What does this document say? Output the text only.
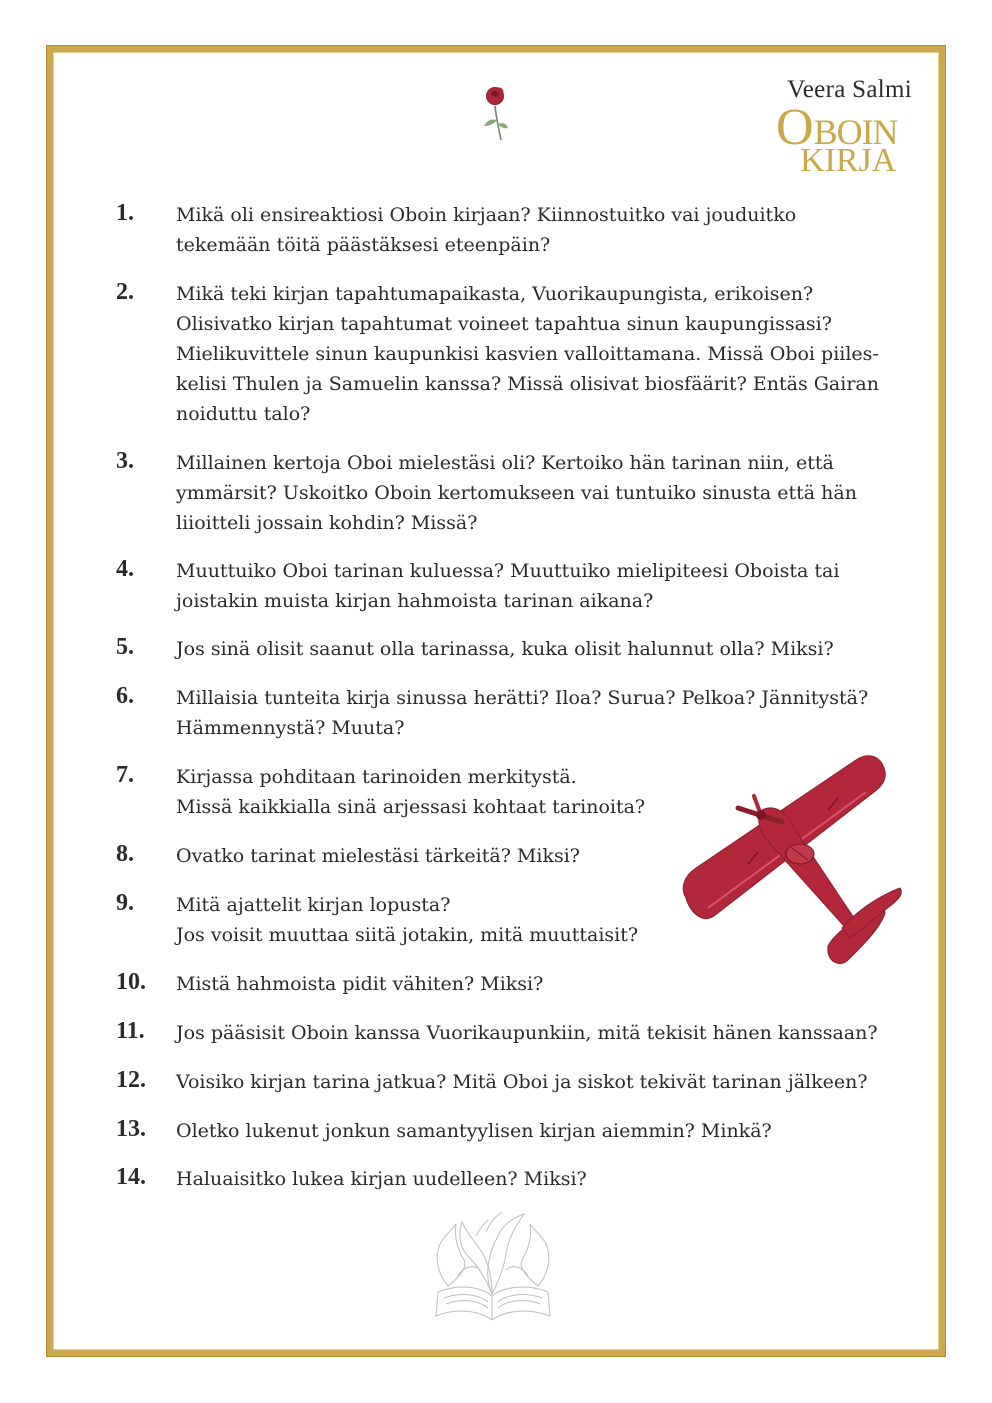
Veera Salmi
OBOIN
KIRJA
1. Mikä oli ensireaktiosi Oboin kirjaan? Kiinnostuitko vai jouduitko
tekemään töitä päästäksesi eteenpäin?
2. Mikä teki kirjan tapahtumapaikasta, Vuorikaupungista, erikoisen?
Olisivatko kirjan tapahtumat voineet tapahtua sinun kaupungissasi?
Mielikuvittele sinun kaupunkisi kasvien valloittamana. Missä Oboi piiles-
kelisi Thulen ja Samuelin kanssa? Missä olisivat biosfäärit? Entäs Gairan
noiduttu talo?
3. Millainen kertoja Oboi mielestäsi oli? Kertoiko hän tarinan niin, että
ymmärsit? Uskoitko Oboin kertomukseen vai tuntuiko sinusta että hän
liioitteli jossain kohdin? Missä?
4. Muuttuiko Oboi tarinan kuluessa? Muuttuiko mielipiteesi Oboista tai
joistakin muista kirjan hahmoista tarinan aikana?
5. Jos sinä olisit saanut olla tarinassa, kuka olisit halunnut olla? Miksi?
6. Millaisia tunteita kirja sinussa herätti? Iloa? Surua? Pelkoa? Jännitystä?
Hämmennystä? Muuta?
7. Kirjassa pohditaan tarinoiden merkitystä.
Missä kaikkialla sinä arjessasi kohtaat tarinoita?
8. Ovatko tarinat mielestäsi tärkeitä? Miksi?
9. Mitä ajattelit kirjan lopusta?
Jos voisit muuttaa siitä jotakin, mitä muuttaisit?
10. Mistä hahmoista pidit vähiten? Miksi?
11. Jos pääsisit Oboin kanssa Vuorikaupunkiin, mitä tekisit hänen kanssaan?
12. Voisiko kirjan tarina jatkua? Mitä Oboi ja siskot tekivät tarinan jälkeen?
13. Oletko lukenut jonkun samantyylisen kirjan aiemmin? Minkä?
14. Haluaisitko lukea kirjan uudelleen? Miksi?
